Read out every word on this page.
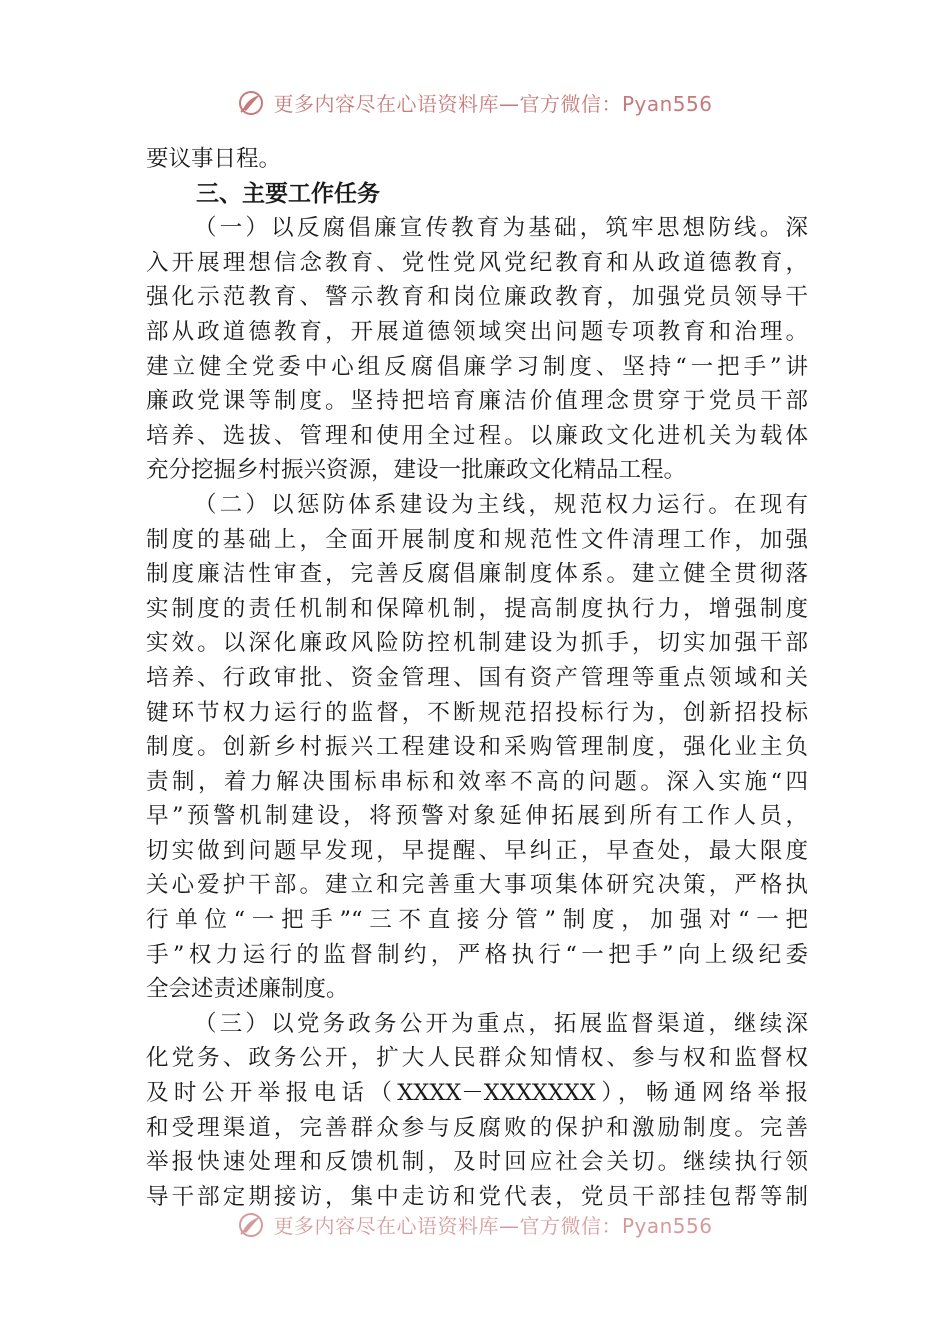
更多内容尽在心语资料库—官方微信：Pyan556
要议事日程。
三、主要工作任务
（一）以反腐倡廉宣传教育为基础，筑牢思想防线。深
入开展理想信念教育、党性党风党纪教育和从政道德教育，
强化示范教育、警示教育和岗位廉政教育，加强党员领导干
部从政道德教育，开展道德领域突出问题专项教育和治理。
建立健全党委中心组反腐倡廉学习制度、坚持“一把手”讲
廉政党课等制度。坚持把培育廉洁价值理念贯穿于党员干部
培养、选拔、管理和使用全过程。以廉政文化进机关为载体
充分挖掘乡村振兴资源，建设一批廉政文化精品工程。
（二）以惩防体系建设为主线，规范权力运行。在现有
制度的基础上，全面开展制度和规范性文件清理工作，加强
制度廉洁性审查，完善反腐倡廉制度体系。建立健全贯彻落
实制度的责任机制和保障机制，提高制度执行力，增强制度
实效。以深化廉政风险防控机制建设为抓手，切实加强干部
培养、行政审批、资金管理、国有资产管理等重点领域和关
键环节权力运行的监督，不断规范招投标行为，创新招投标
制度。创新乡村振兴工程建设和采购管理制度，强化业主负
责制，着力解决围标串标和效率不高的问题。深入实施“四
早”预警机制建设，将预警对象延伸拓展到所有工作人员，
切实做到问题早发现，早提醒、早纠正，早查处，最大限度
关心爱护干部。建立和完善重大事项集体研究决策，严格执
行单位“一把手”“三不直接分管”制度，加强对“一把
手”权力运行的监督制约，严格执行“一把手”向上级纪委
全会述责述廉制度。
（三）以党务政务公开为重点，拓展监督渠道，继续深
化党务、政务公开，扩大人民群众知情权、参与权和监督权
及时公开举报电话（XXXX－XXXXXXX），畅通网络举报
和受理渠道，完善群众参与反腐败的保护和激励制度。完善
举报快速处理和反馈机制，及时回应社会关切。继续执行领
导干部定期接访，集中走访和党代表，党员干部挂包帮等制
更多内容尽在心语资料库—官方微信：Pyan556
